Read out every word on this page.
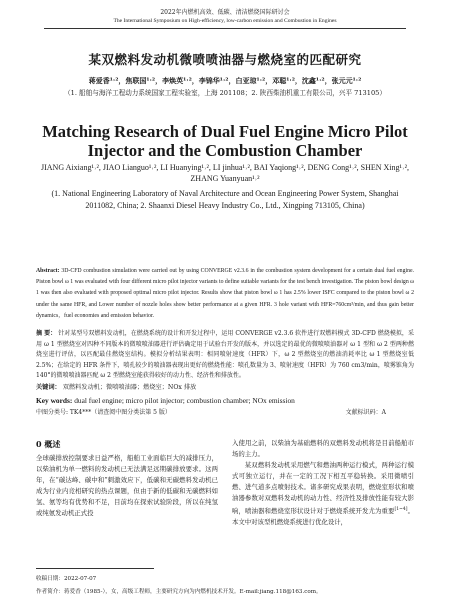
2022年内燃机高效、低碳、清洁燃烧国际研讨会
The International Symposium on High-efficiency, low-carbon emission and Combustion in Engines
某双燃料发动机微喷喷油器与燃烧室的匹配研究
蒋爱香¹˒²，焦联国¹˒²，李焕英¹˒²，李锦华¹˒²，白亚琼¹˒²，邓聪¹˒²，沈鑫¹˒²，张元元¹˒²
（1. 船舶与海洋工程动力系统国家工程实验室，上海 201108；2. 陕西柴油机重工有限公司，兴平 713105）
Matching Research of Dual Fuel Engine Micro Pilot Injector and the Combustion Chamber
JIANG Aixiang¹˒², JIAO Lianguo¹˒², LI Huanying¹˒², LI jinhua¹˒², BAI Yaqiong¹˒², DENG Cong¹˒², SHEN Xing¹˒², ZHANG Yuanyuan¹˒²
(1. National Engineering Laboratory of Naval Architecture and Ocean Engineering Power System, Shanghai 2011082, China; 2. Shaanxi Diesel Heavy Industry Co., Ltd., Xingping 713105, China)
Abstract: 3D-CFD combustion simulation were carried out by using CONVERGE v2.3.6 in the combustion system development for a certain dual fuel engine. Piston bowl ω 1 was evaluated with four different micro pilot injector variants to define suitable variants for the test bench investigation. The piston bowl design ω 1 was then also evaluated with proposed optimal micro pilot injector. Results show that piston bowl ω 1 has 2.5% lower ISFC compared to the piston bowl ω 2 under the same HFR, and Lower number of nozzle holes show better performance at a given HFR. 3 hole variant with HFR=760cm³/min, and thus gain better dynamics，fuel economies and emission behavior.
摘 要： 针对某型号双燃料发动机，在燃烧系统的设计和开发过程中，运用 CONVERGE v2.3.6 软件进行双燃料模式 3D-CFD 燃烧模拟，采用 ω 1 型燃烧室对四种不同版本的微喷喷油器进行评估确定用于试验台开发的版本，并以选定的最优的微喷喷油器对 ω 1 型和 ω 2 型两种燃烧室进行评估，以匹配最佳燃烧室结构。模拟分析结果表明：相同喷射速度（HFR）下，ω 2 型燃烧室的燃油消耗率比 ω 1 型燃烧室低 2.5%；在给定的 HFR 条件下，喷孔较少的喷油器表现出更好的燃烧性能：喷孔数量为 3、喷射速度（HFR）为 760 cm3/min，喷雾锥角为 140°的微喷喷油器匹配 ω 2 型燃烧室能获得较好的动力性、经济性和排放性。
关键词： 双燃料发动机；微喷喷油器；燃烧室；NOx 排放
Key words: dual fuel engine; micro pilot injector; combustion chamber; NOx emission
中图分类号: TK4***（请查阅中图分类法第 5 版）	文献标识码：A
0 概述
全球碳排放控制要求日益严格，船舶工业面临巨大的减排压力，以柴油机为单一燃料的发动机已无法满足远期碳排放要求。这两年，在“碳达峰、碳中和”刺激效应下，低碳和无碳燃料发动机已成为行业内竞相研究的热点课题，但由于新的低碳和无碳燃料如氢、氨等均有优势和不足，目前均在探索试验阶段，所以在纯氢或纯氨发动机正式投
入使用之前，以柴油为基础燃料的双燃料发动机将是目前船舶市场的主力。
某双燃料发动机采用燃气和燃油两种运行模式，两种运行模式可独立运行，并在一定的工况下相互平稳转换。采用微喷引燃、进气道多点喷射技术。诸多研究成果表明，燃烧室形状和喷油器参数对双燃料发动机的动力性、经济性及排放性能有较大影响，喷油器和燃烧室形状设计对于燃烧系统开发尤为重要[1~4]。本文中对该型机燃烧系统进行优化设计，
收稿日期：2022-07-07
作者简介：蒋爱香（1985-），女，高级工程师，主要研究方向为内燃机技术开发。E-mail:jiang.118@163.com。
